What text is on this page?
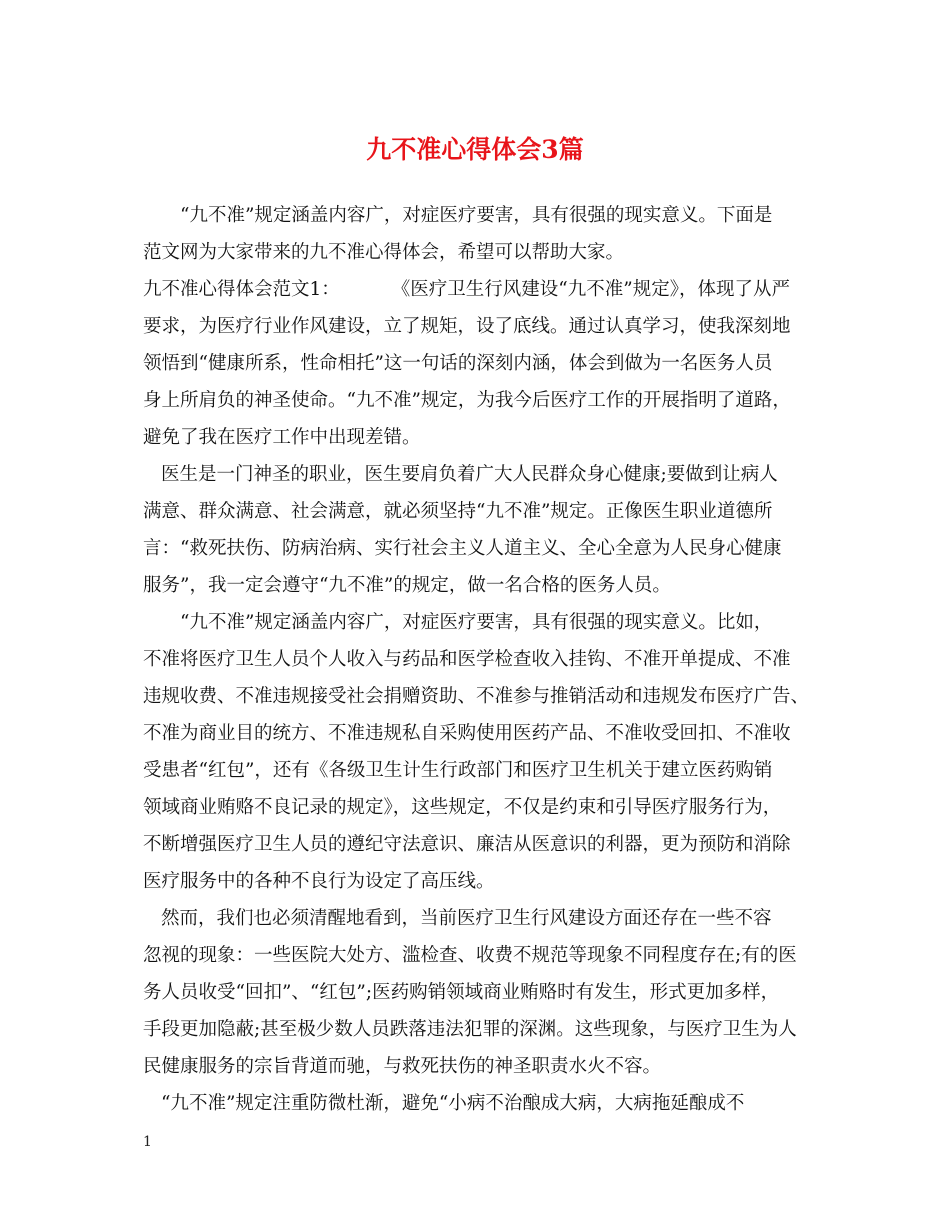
九不准心得体会3篇
“九不准”规定涵盖内容广，对症医疗要害，具有很强的现实意义。下面是
范文网为大家带来的九不准心得体会，希望可以帮助大家。
九不准心得体会范文1：	《医疗卫生行风建设“九不准”规定》，体现了从严
要求，为医疗行业作风建设，立了规矩，设了底线。通过认真学习，使我深刻地
领悟到“健康所系，性命相托”这一句话的深刻内涵，体会到做为一名医务人员
身上所肩负的神圣使命。“九不准”规定，为我今后医疗工作的开展指明了道路，
避免了我在医疗工作中出现差错。
医生是一门神圣的职业，医生要肩负着广大人民群众身心健康;要做到让病人
满意、群众满意、社会满意，就必须坚持“九不准”规定。正像医生职业道德所
言：“救死扶伤、防病治病、实行社会主义人道主义、全心全意为人民身心健康
服务”，我一定会遵守“九不准”的规定，做一名合格的医务人员。
“九不准”规定涵盖内容广，对症医疗要害，具有很强的现实意义。比如，
不准将医疗卫生人员个人收入与药品和医学检查收入挂钩、不准开单提成、不准
违规收费、不准违规接受社会捐赠资助、不准参与推销活动和违规发布医疗广告、
不准为商业目的统方、不准违规私自采购使用医药产品、不准收受回扣、不准收
受患者“红包”，还有《各级卫生计生行政部门和医疗卫生机关于建立医药购销
领域商业贿赂不良记录的规定》，这些规定，不仅是约束和引导医疗服务行为，
不断增强医疗卫生人员的遵纪守法意识、廉洁从医意识的利器，更为预防和消除
医疗服务中的各种不良行为设定了高压线。
然而，我们也必须清醒地看到，当前医疗卫生行风建设方面还存在一些不容
忽视的现象：一些医院大处方、滥检查、收费不规范等现象不同程度存在;有的医
务人员收受“回扣”、“红包”;医药购销领域商业贿赂时有发生，形式更加多样，
手段更加隐蔽;甚至极少数人员跌落违法犯罪的深渊。这些现象，与医疗卫生为人
民健康服务的宗旨背道而驰，与救死扶伤的神圣职责水火不容。
“九不准”规定注重防微杜渐，避免“小病不治酿成大病，大病拖延酿成不
1
